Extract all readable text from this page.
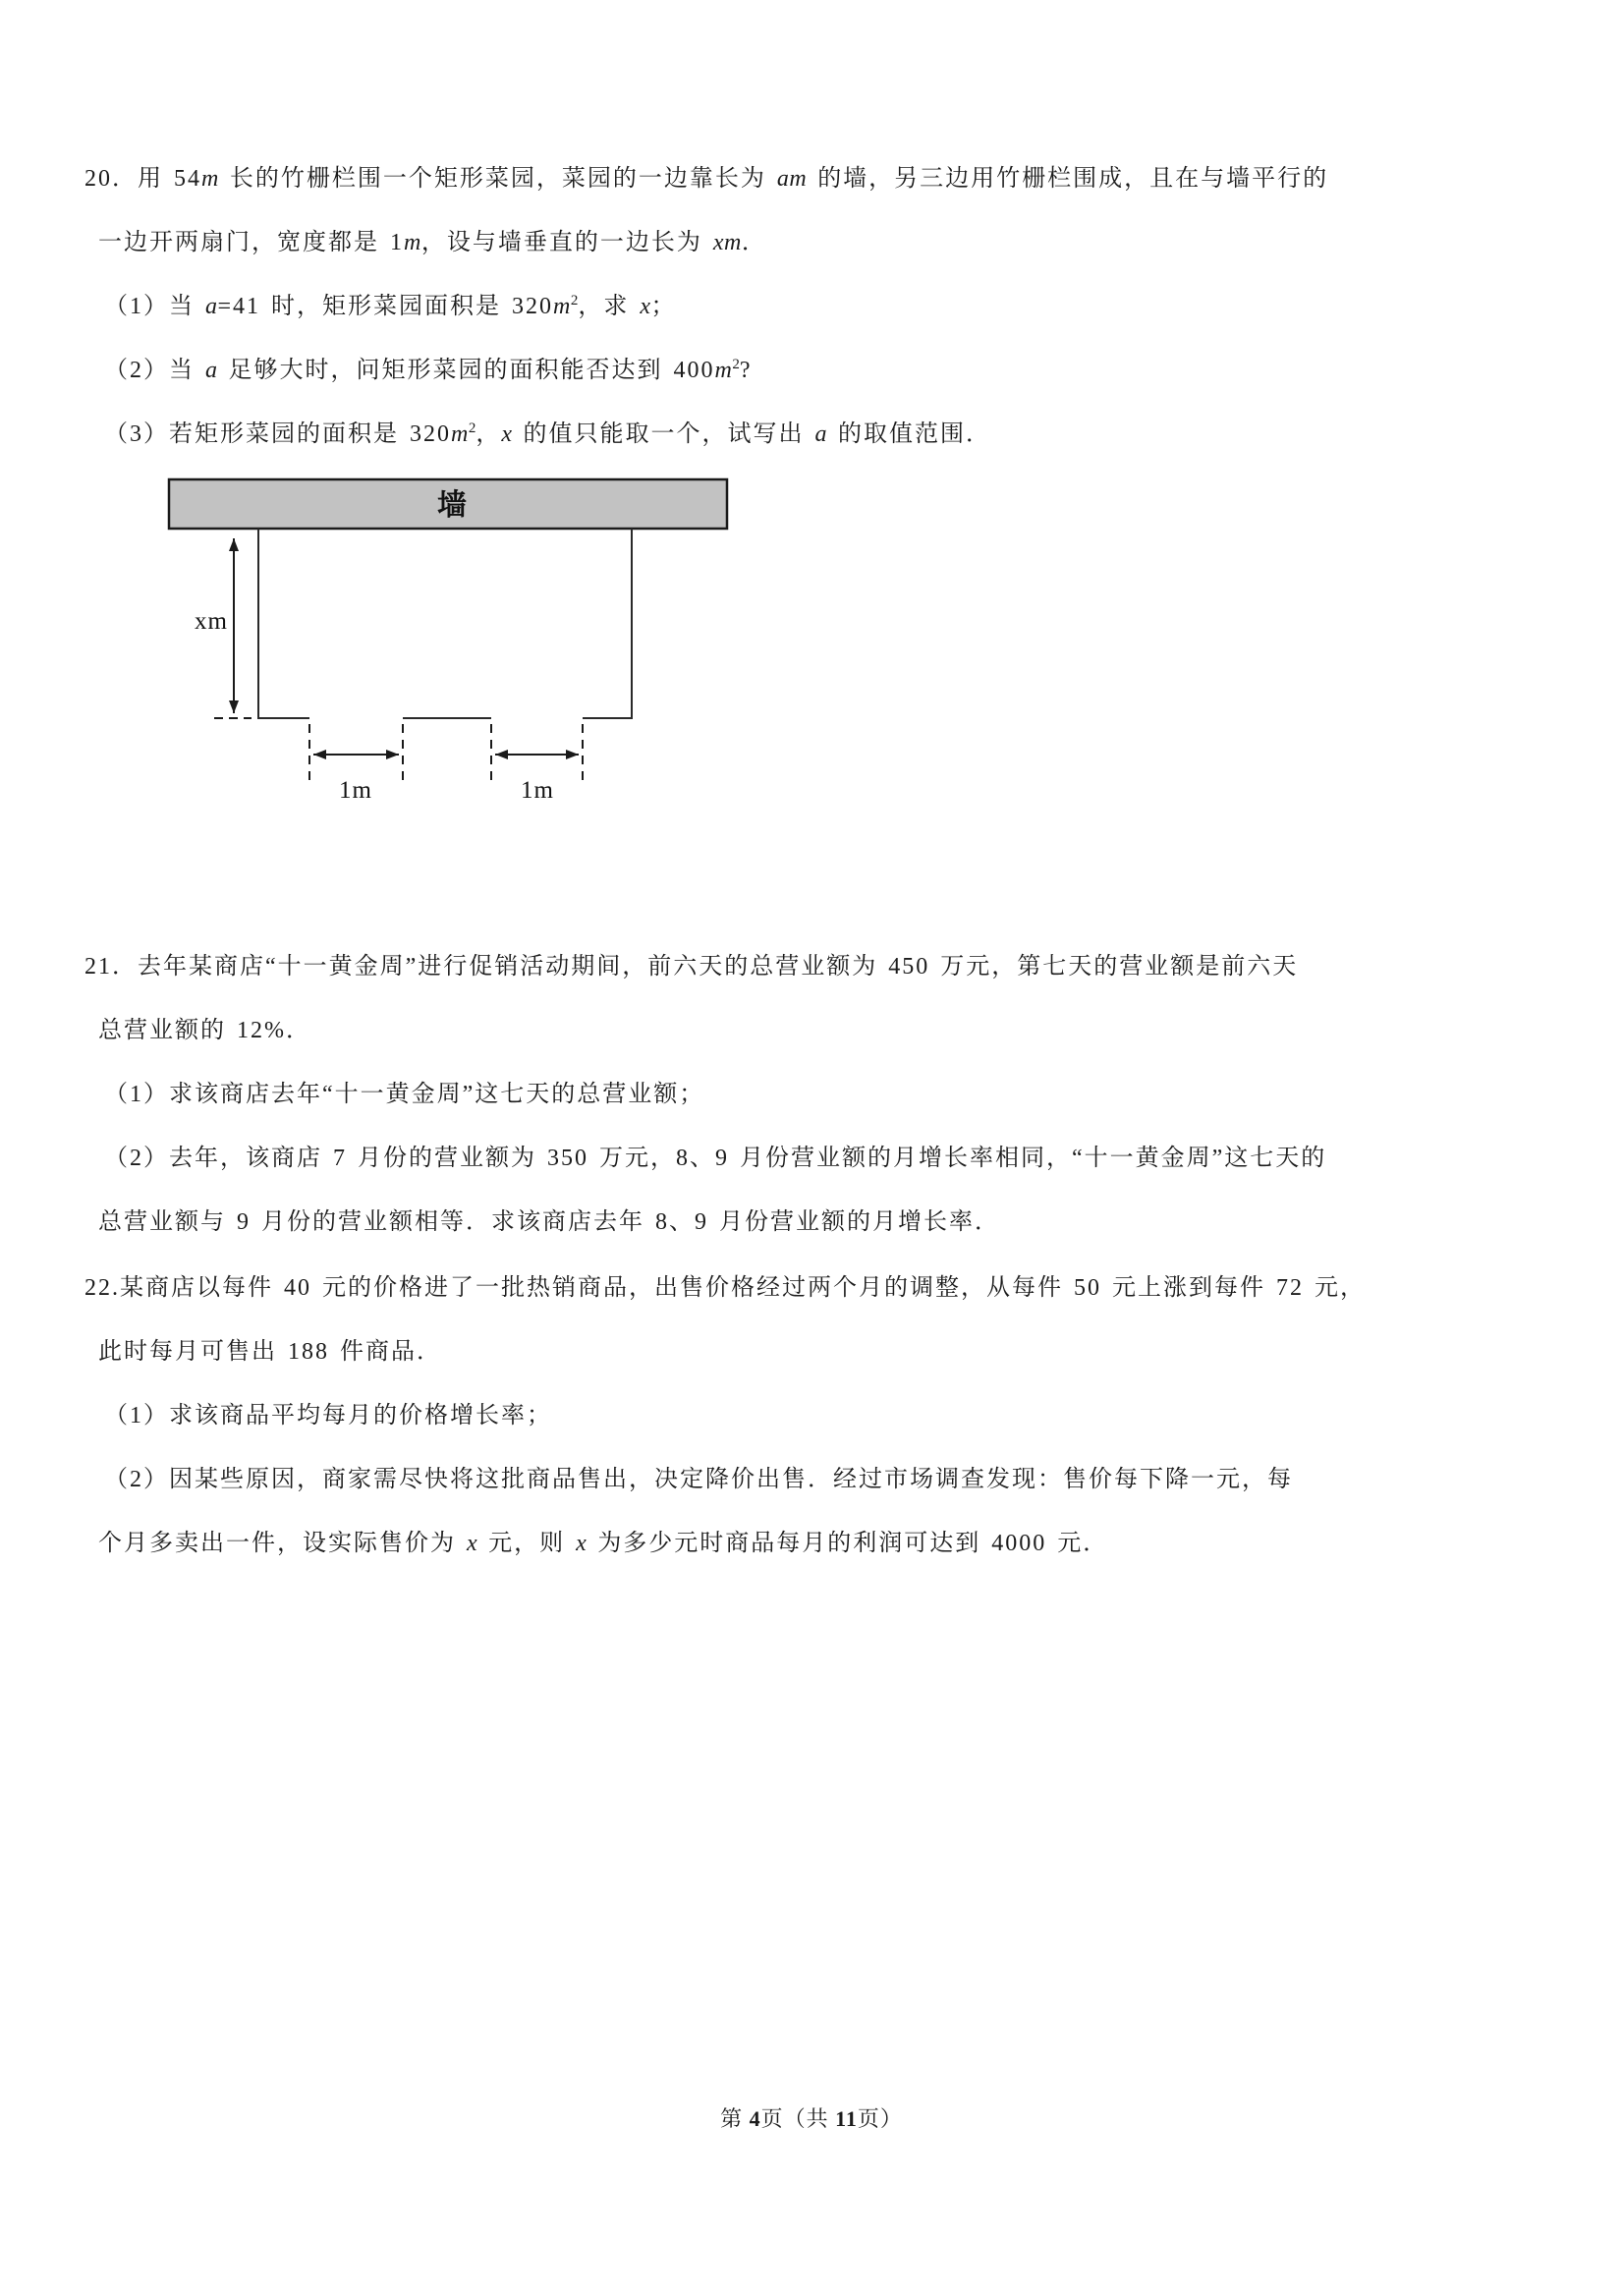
20．用 54m 长的竹栅栏围一个矩形菜园，菜园的一边靠长为 am 的墙，另三边用竹栅栏围成，且在与墙平行的
一边开两扇门，宽度都是 1m，设与墙垂直的一边长为 xm．
（1）当 a=41 时，矩形菜园面积是 $320m^2$，求 x；
（2）当 a 足够大时，问矩形菜园的面积能否达到 $400m^2$?
（3）若矩形菜园的面积是 $320m^2$，x 的值只能取一个，试写出 a 的取值范围．
墙
xm
1m	1m
21．去年某商店“十一黄金周”进行促销活动期间，前六天的总营业额为 450 万元，第七天的营业额是前六天
总营业额的 12%．
（1）求该商店去年“十一黄金周”这七天的总营业额；
（2）去年，该商店 7 月份的营业额为 350 万元，8、9 月份营业额的月增长率相同，“十一黄金周”这七天的
总营业额与 9 月份的营业额相等．求该商店去年 8、9 月份营业额的月增长率．
22.某商店以每件 40 元的价格进了一批热销商品，出售价格经过两个月的调整，从每件 50 元上涨到每件 72 元，
此时每月可售出 188 件商品．
（1）求该商品平均每月的价格增长率；
（2）因某些原因，商家需尽快将这批商品售出，决定降价出售．经过市场调查发现：售价每下降一元，每
个月多卖出一件，设实际售价为 x 元，则 x 为多少元时商品每月的利润可达到 4000 元．
第 4页（共 11页）
